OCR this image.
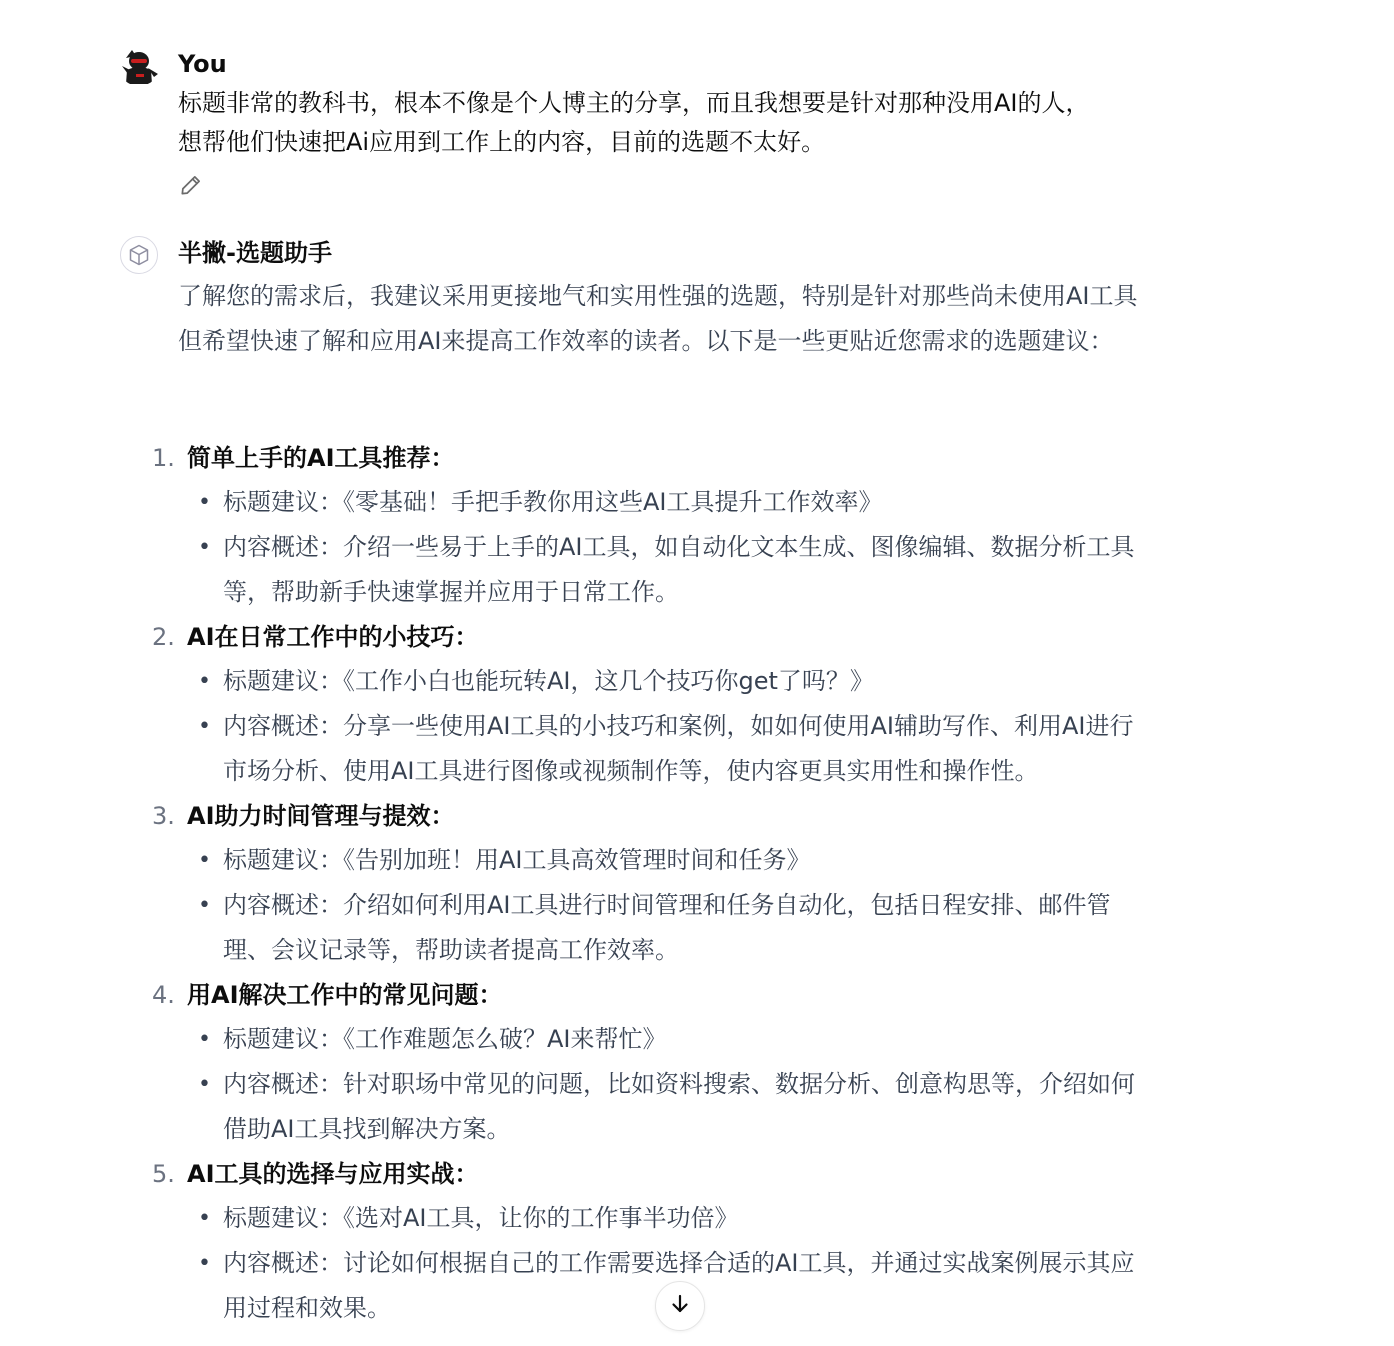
You
标题非常的教科书，根本不像是个人博主的分享，而且我想要是针对那种没用AI的人，
想帮他们快速把Ai应用到工作上的内容，目前的选题不太好。
半撇-选题助手
了解您的需求后，我建议采用更接地气和实用性强的选题，特别是针对那些尚未使用AI工具但希望快速了解和应用AI来提高工作效率的读者。以下是一些更贴近您需求的选题建议：
1. 简单上手的AI工具推荐：
• 标题建议：《零基础！手把手教你用这些AI工具提升工作效率》
• 内容概述：介绍一些易于上手的AI工具，如自动化文本生成、图像编辑、数据分析工具等，帮助新手快速掌握并应用于日常工作。
2. AI在日常工作中的小技巧：
• 标题建议：《工作小白也能玩转AI，这几个技巧你get了吗？》
• 内容概述：分享一些使用AI工具的小技巧和案例，如如何使用AI辅助写作、利用AI进行市场分析、使用AI工具进行图像或视频制作等，使内容更具实用性和操作性。
3. AI助力时间管理与提效：
• 标题建议：《告别加班！用AI工具高效管理时间和任务》
• 内容概述：介绍如何利用AI工具进行时间管理和任务自动化，包括日程安排、邮件管理、会议记录等，帮助读者提高工作效率。
4. 用AI解决工作中的常见问题：
• 标题建议：《工作难题怎么破？AI来帮忙》
• 内容概述：针对职场中常见的问题，比如资料搜索、数据分析、创意构思等，介绍如何借助AI工具找到解决方案。
5. AI工具的选择与应用实战：
• 标题建议：《选对AI工具，让你的工作事半功倍》
• 内容概述：讨论如何根据自己的工作需要选择合适的AI工具，并通过实战案例展示其应用过程和效果。
